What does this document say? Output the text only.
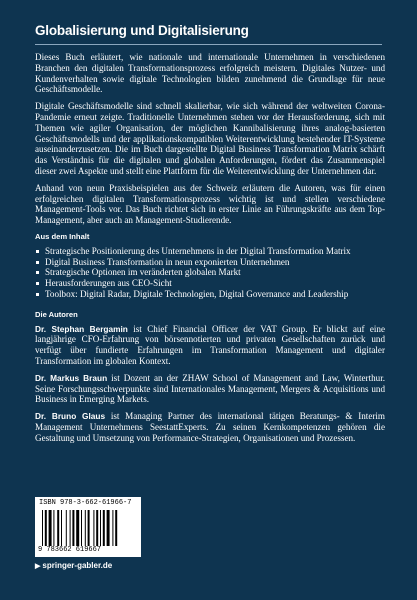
Globalisierung und Digitalisierung

Dieses Buch erläutert, wie nationale und internationale Unternehmen in verschiedenen Branchen den digitalen Transformationsprozess erfolgreich meistern. Digitales Nutzer- und Kundenverhalten sowie digitale Technologien bilden zunehmend die Grundlage für neue Geschäftsmodelle.

Digitale Geschäftsmodelle sind schnell skalierbar, wie sich während der weltweiten Corona-Pandemie erneut zeigte. Traditionelle Unternehmen stehen vor der Herausforderung, sich mit Themen wie agiler Organisation, der möglichen Kannibalisierung ihres analog-basierten Geschäftsmodells und der applikationskompatiblen Weiterentwicklung bestehender IT-Systeme auseinanderzusetzen. Die im Buch dargestellte Digital Business Transformation Matrix schärft das Verständnis für die digitalen und globalen Anforderungen, fördert das Zusammenspiel dieser zwei Aspekte und stellt eine Plattform für die Weiterentwicklung der Unternehmen dar.

Anhand von neun Praxisbeispielen aus der Schweiz erläutern die Autoren, was für einen erfolgreichen digitalen Transformationsprozess wichtig ist und stellen verschiedene Management-Tools vor. Das Buch richtet sich in erster Linie an Führungskräfte aus dem Top-Management, aber auch an Management-Studierende.

Aus dem Inhalt
Strategische Positionierung des Unternehmens in der Digital Transformation Matrix
Digital Business Transformation in neun exponierten Unternehmen
Strategische Optionen im veränderten globalen Markt
Herausforderungen aus CEO-Sicht
Toolbox: Digital Radar, Digitale Technologien, Digital Governance and Leadership
Die Autoren

Dr. Stephan Bergamin ist Chief Financial Officer der VAT Group. Er blickt auf eine langjährige CFO-Erfahrung von börsennotierten und privaten Gesellschaften zurück und verfügt über fundierte Erfahrungen im Transformation Management und digitaler Transformation im globalen Kontext.

Dr. Markus Braun ist Dozent an der ZHAW School of Management and Law, Winterthur. Seine Forschungsschwerpunkte sind Internationales Management, Mergers & Acquisitions und Business in Emerging Markets.

Dr. Bruno Glaus ist Managing Partner des international tätigen Beratungs- & Interim Management Unternehmens SeestattExperts. Zu seinen Kernkompetenzen gehören die Gestaltung und Umsetzung von Performance-Strategien, Organisationen und Prozessen.

ISBN 978-3-662-61966-7
9 783662 619667
▶ springer-gabler.de
